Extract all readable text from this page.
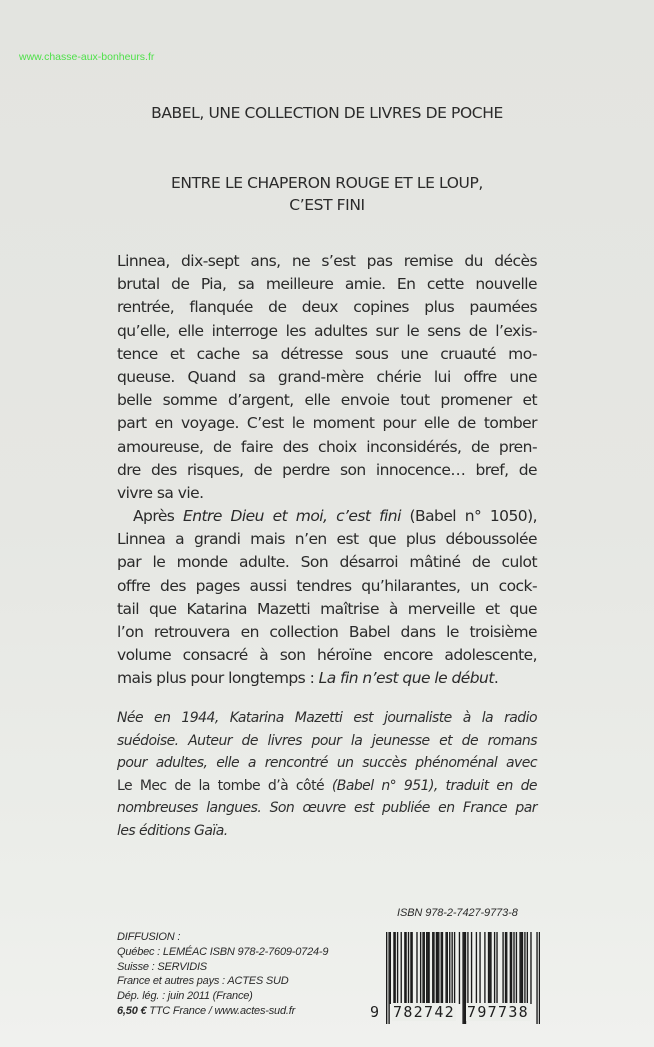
www.chasse-aux-bonheurs.fr
BABEL, UNE COLLECTION DE LIVRES DE POCHE
ENTRE LE CHAPERON ROUGE ET LE LOUP,
C’EST FINI
Linnea, dix-sept ans, ne s’est pas remise du décès
brutal de Pia, sa meilleure amie. En cette nouvelle
rentrée, flanquée de deux copines plus paumées
qu’elle, elle interroge les adultes sur le sens de l’exis-
tence et cache sa détresse sous une cruauté mo-
queuse. Quand sa grand-mère chérie lui offre une
belle somme d’argent, elle envoie tout promener et
part en voyage. C’est le moment pour elle de tomber
amoureuse, de faire des choix inconsidérés, de pren-
dre des risques, de perdre son innocence… bref, de
vivre sa vie.
Après Entre Dieu et moi, c’est fini (Babel n° 1050),
Linnea a grandi mais n’en est que plus déboussolée
par le monde adulte. Son désarroi mâtiné de culot
offre des pages aussi tendres qu’hilarantes, un cock-
tail que Katarina Mazetti maîtrise à merveille et que
l’on retrouvera en collection Babel dans le troisième
volume consacré à son héroïne encore adolescente,
mais plus pour longtemps : La fin n’est que le début.
Née en 1944, Katarina Mazetti est journaliste à la radio
suédoise. Auteur de livres pour la jeunesse et de romans
pour adultes, elle a rencontré un succès phénoménal avec
Le Mec de la tombe d’à côté (Babel n° 951), traduit en de
nombreuses langues. Son œuvre est publiée en France par
les éditions Gaïa.
ISBN 978-2-7427-9773-8
DIFFUSION :
Québec : LEMÉAC ISBN 978-2-7609-0724-9
Suisse : SERVIDIS
France et autres pays : ACTES SUD
Dép. lég. : juin 2011 (France)
6,50 € TTC France / www.actes-sud.fr	9 782742 797738
